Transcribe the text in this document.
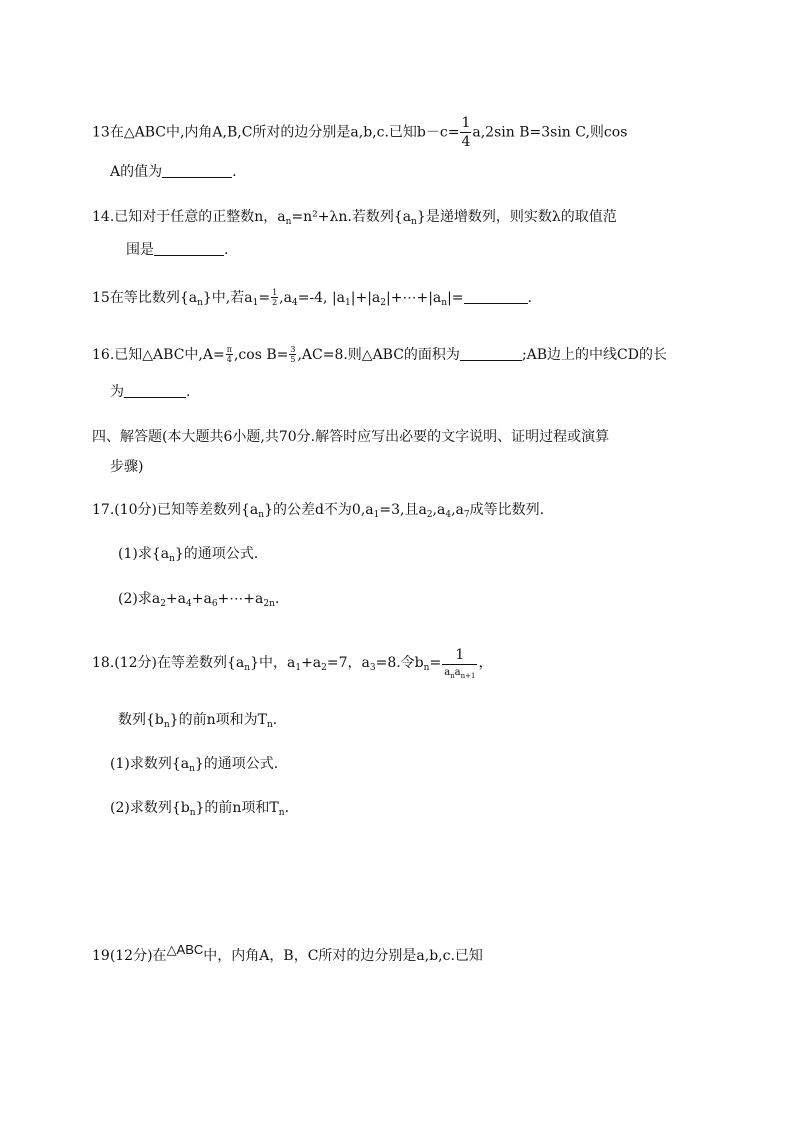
13在△ABC中,内角A,B,C所对的边分别是a,b,c.已知$b-c= \frac{1}{4} a,2\sin$ B=3sin C,则cos
A的值为	.
14.已知对于任意的正整数n，$a_n=n^2+\lambda n$.若数列$\{a_n\}$是递增数列，则实数λ的取值范
围是	.
15在等比数列$\{a_n\}$中,若$a_1= \frac{1}{2} ,a_4=-4$, $|a_1|+|a_2|+\cdots+|a_n|=$	.
16.已知△ABC中$,A= \frac{\pi}{4} ,\cos$ $B= \frac{3}{5} ,AC=8$.则△ABC的面积为	;AB边上的中线CD的长
为	.
四、解答题(本大题共6小题,共70分.解答时应写出必要的文字说明、证明过程或演算
步骤)
17.(10分)已知等差数列$\{a_n\}$的公差d不为$0,a_1=3$,且$a_2,a_4,a_7$成等比数列.
(1)求$\{a_n\}$的通项公式.
(2)求$a_2+a_4+a_6+\cdots+a_{2n}$.
18.(12分)在等差数列$\{a_n\}$中，$a_1+a_2=7$，$a_3=8$.令$b_n= \frac{1}{a_na_{n+1}}$ ，
数列$\{b_n\}$的前n项和为$T_n$.
(1)求数列$\{a_n\}$的通项公式.
(2)求数列$\{b_n\}$的前n项和$T_n$.
19(12分)在△ABC中，内角A，B，C所对的边分别是a,b,c.已知
